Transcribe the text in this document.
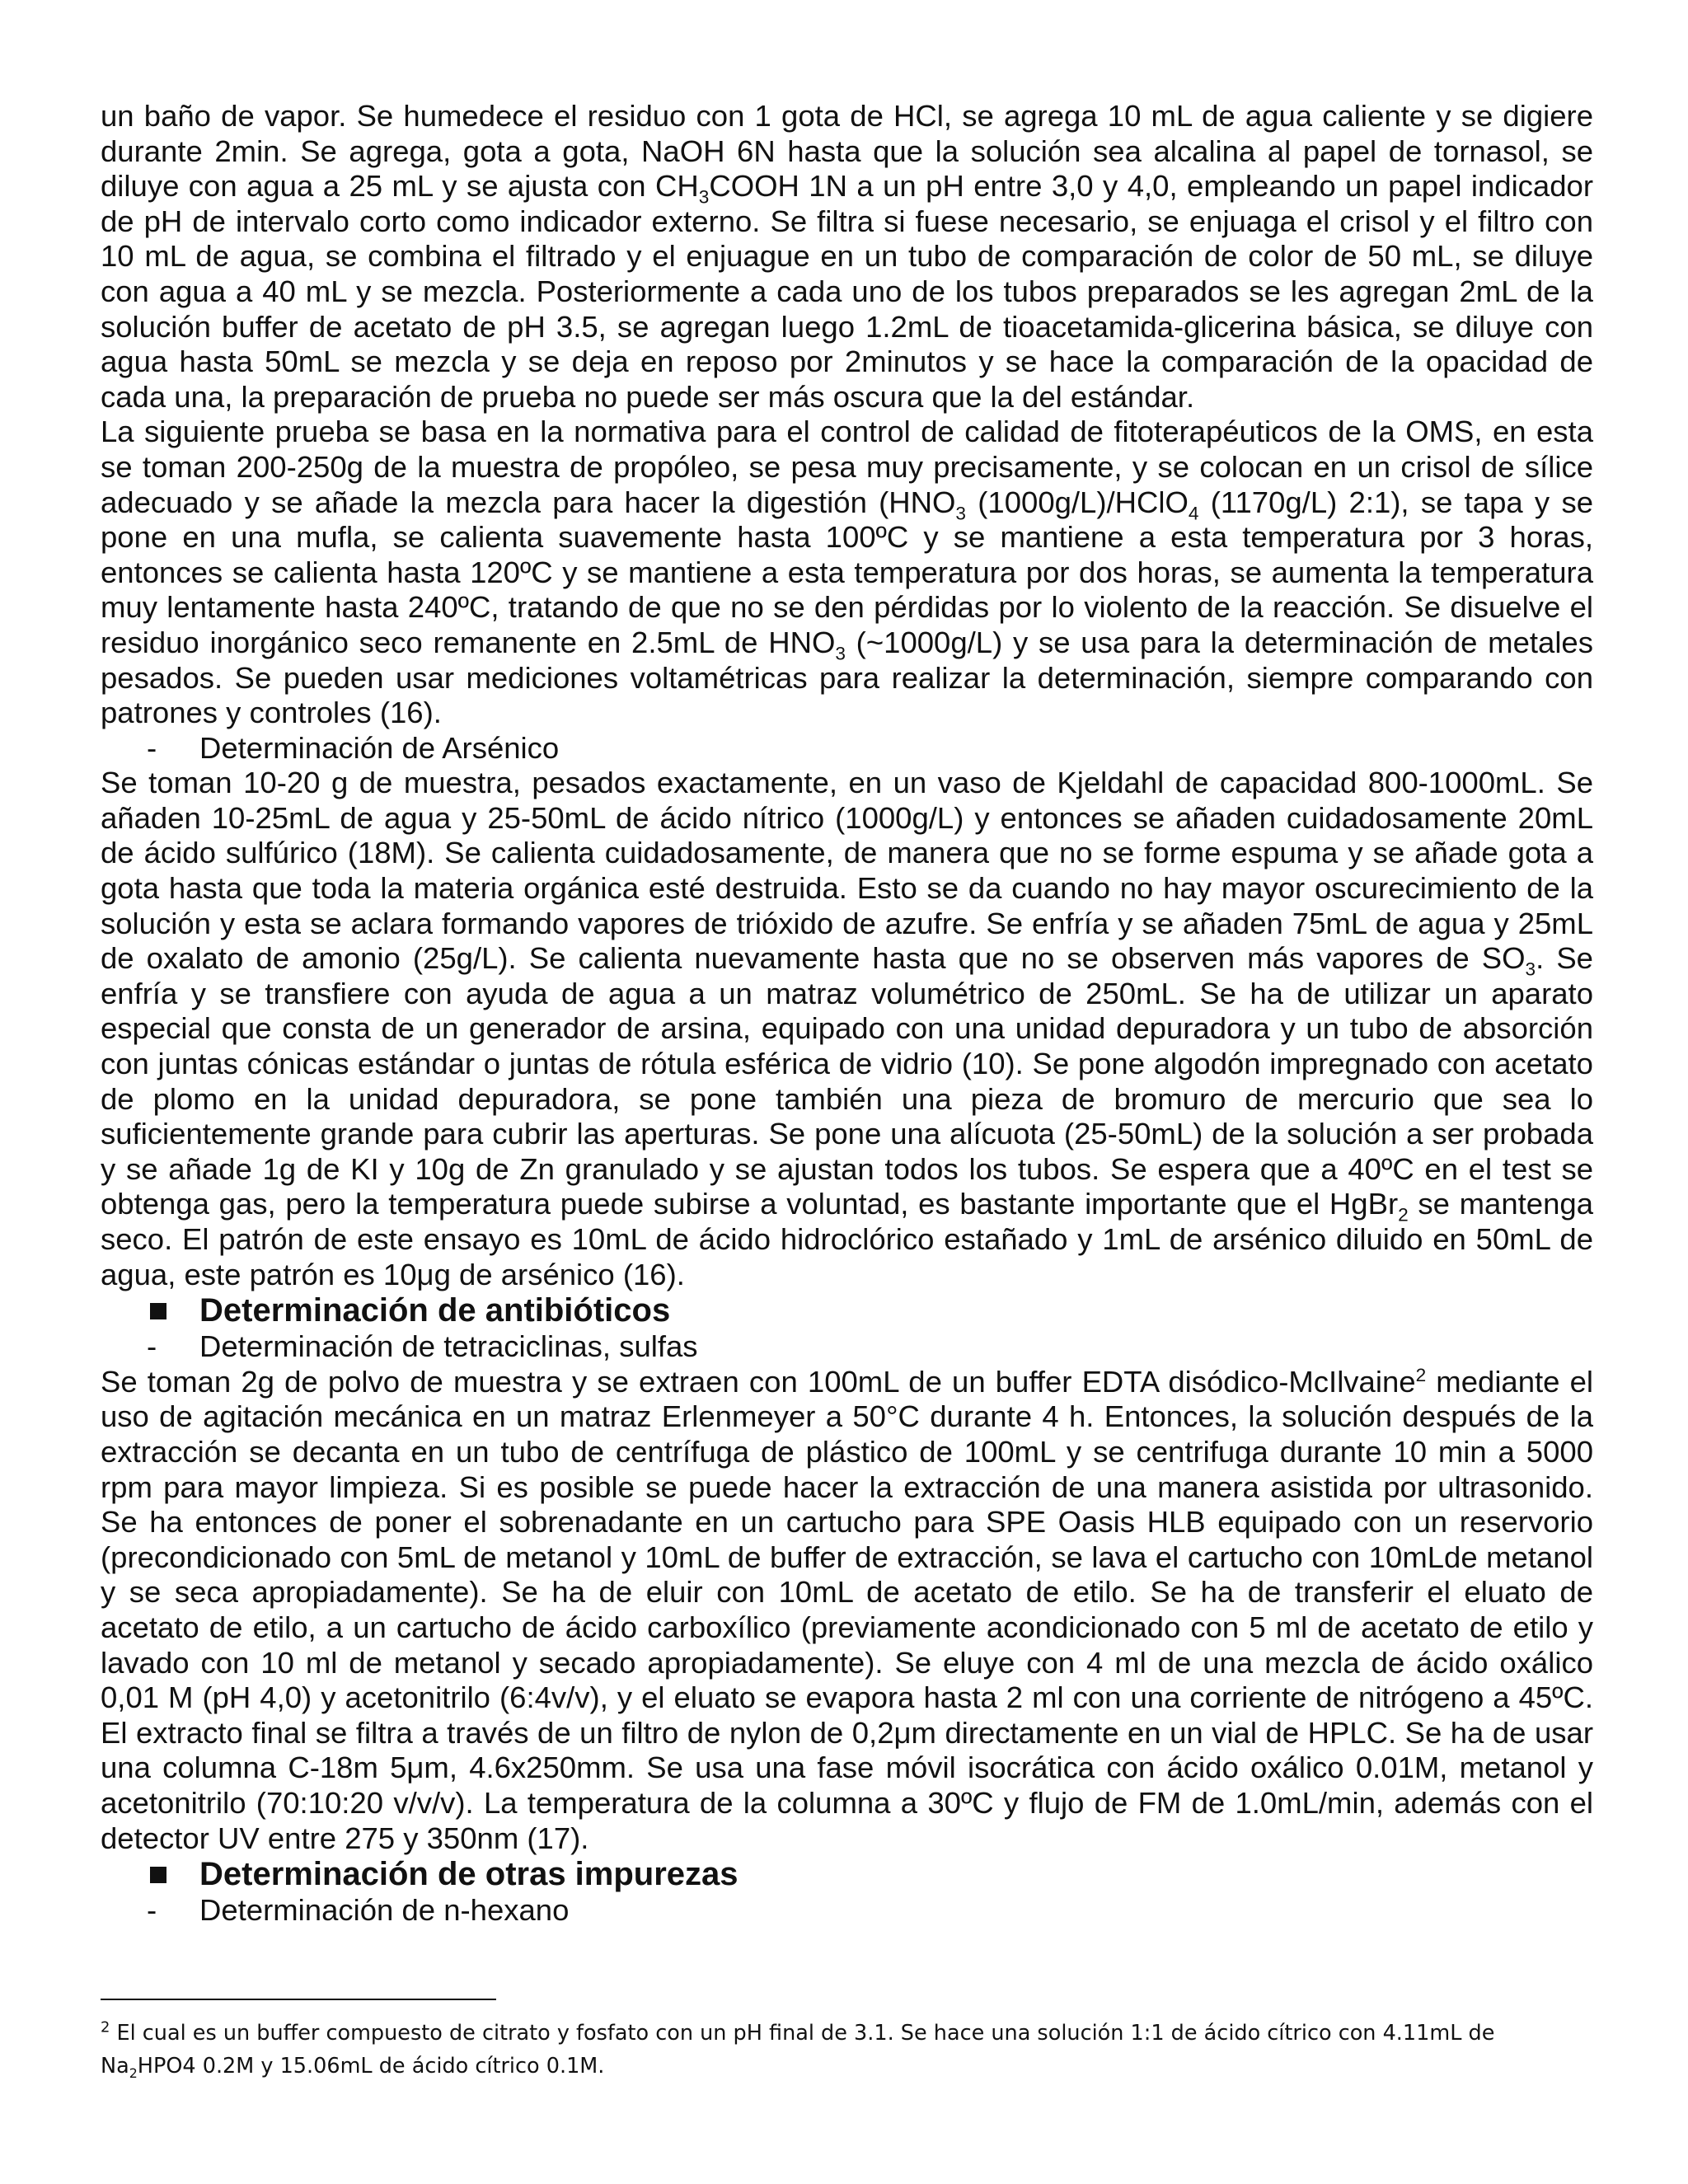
un baño de vapor. Se humedece el residuo con 1 gota de HCl, se agrega 10 mL de agua caliente y se digiere durante 2min. Se agrega, gota a gota, NaOH 6N hasta que la solución sea alcalina al papel de tornasol, se diluye con agua a 25 mL y se ajusta con $CH_3COOH$ 1N a un pH entre 3,0 y 4,0, empleando un papel indicador de pH de intervalo corto como indicador externo. Se filtra si fuese necesario, se enjuaga el crisol y el filtro con 10 mL de agua, se combina el filtrado y el enjuague en un tubo de comparación de color de 50 mL, se diluye con agua a 40 mL y se mezcla. Posteriormente a cada uno de los tubos preparados se les agregan 2mL de la solución buffer de acetato de pH 3.5, se agregan luego 1.2mL de tioacetamida-glicerina básica, se diluye con agua hasta 50mL se mezcla y se deja en reposo por 2minutos y se hace la comparación de la opacidad de cada una, la preparación de prueba no puede ser más oscura que la del estándar.

La siguiente prueba se basa en la normativa para el control de calidad de fitoterapéuticos de la OMS, en esta se toman 200-250g de la muestra de propóleo, se pesa muy precisamente, y se colocan en un crisol de sílice adecuado y se añade la mezcla para hacer la digestión ($HNO_3$ (1000g/L)/HClO$_4$ (1170g/L) 2:1), se tapa y se pone en una mufla, se calienta suavemente hasta 100ºC y se mantiene a esta temperatura por 3 horas, entonces se calienta hasta 120ºC y se mantiene a esta temperatura por dos horas, se aumenta la temperatura muy lentamente hasta 240ºC, tratando de que no se den pérdidas por lo violento de la reacción. Se disuelve el residuo inorgánico seco remanente en 2.5mL de $HNO_3$ (~1000g/L) y se usa para la determinación de metales pesados. Se pueden usar mediciones voltamétricas para realizar la determinación, siempre comparando con patrones y controles (16).

- Determinación de Arsénico

Se toman 10-20 g de muestra, pesados exactamente, en un vaso de Kjeldahl de capacidad 800-1000mL. Se añaden 10-25mL de agua y 25-50mL de ácido nítrico (1000g/L) y entonces se añaden cuidadosamente 20mL de ácido sulfúrico (18M). Se calienta cuidadosamente, de manera que no se forme espuma y se añade gota a gota hasta que toda la materia orgánica esté destruida. Esto se da cuando no hay mayor oscurecimiento de la solución y esta se aclara formando vapores de trióxido de azufre. Se enfría y se añaden 75mL de agua y 25mL de oxalato de amonio (25g/L). Se calienta nuevamente hasta que no se observen más vapores de $SO_3$. Se enfría y se transfiere con ayuda de agua a un matraz volumétrico de 250mL. Se ha de utilizar un aparato especial que consta de un generador de arsina, equipado con una unidad depuradora y un tubo de absorción con juntas cónicas estándar o juntas de rótula esférica de vidrio (10). Se pone algodón impregnado con acetato de plomo en la unidad depuradora, se pone también una pieza de bromuro de mercurio que sea lo suficientemente grande para cubrir las aperturas. Se pone una alícuota (25-50mL) de la solución a ser probada y se añade 1g de KI y 10g de Zn granulado y se ajustan todos los tubos. Se espera que a 40ºC en el test se obtenga gas, pero la temperatura puede subirse a voluntad, es bastante importante que el HgBr$_2$ se mantenga seco. El patrón de este ensayo es 10mL de ácido hidroclórico estañado y 1mL de arsénico diluido en 50mL de agua, este patrón es 10μg de arsénico (16).

Determinación de antibióticos

- Determinación de tetraciclinas, sulfas

Se toman 2g de polvo de muestra y se extraen con 100mL de un buffer EDTA disódico-McIlvaine$^2$ mediante el uso de agitación mecánica en un matraz Erlenmeyer a 50°C durante 4 h. Entonces, la solución después de la extracción se decanta en un tubo de centrífuga de plástico de 100mL y se centrifuga durante 10 min a 5000 rpm para mayor limpieza. Si es posible se puede hacer la extracción de una manera asistida por ultrasonido. Se ha entonces de poner el sobrenadante en un cartucho para SPE Oasis HLB equipado con un reservorio (precondicionado con 5mL de metanol y 10mL de buffer de extracción, se lava el cartucho con 10mLde metanol y se seca apropiadamente). Se ha de eluir con 10mL de acetato de etilo. Se ha de transferir el eluato de acetato de etilo, a un cartucho de ácido carboxílico (previamente acondicionado con 5 ml de acetato de etilo y lavado con 10 ml de metanol y secado apropiadamente). Se eluye con 4 ml de una mezcla de ácido oxálico 0,01 M (pH 4,0) y acetonitrilo (6:4v/v), y el eluato se evapora hasta 2 ml con una corriente de nitrógeno a 45ºC. El extracto final se filtra a través de un filtro de nylon de 0,2μm directamente en un vial de HPLC. Se ha de usar una columna C-18m 5μm, 4.6x250mm. Se usa una fase móvil isocrática con ácido oxálico 0.01M, metanol y acetonitrilo (70:10:20 v/v/v). La temperatura de la columna a 30ºC y flujo de FM de 1.0mL/min, además con el detector UV entre 275 y 350nm (17).

Determinación de otras impurezas

- Determinación de n-hexano

$^2$ El cual es un buffer compuesto de citrato y fosfato con un pH final de 3.1. Se hace una solución 1:1 de ácido cítrico con 4.11mL de $Na_2HPO4$ 0.2M y 15.06mL de ácido cítrico 0.1M.
